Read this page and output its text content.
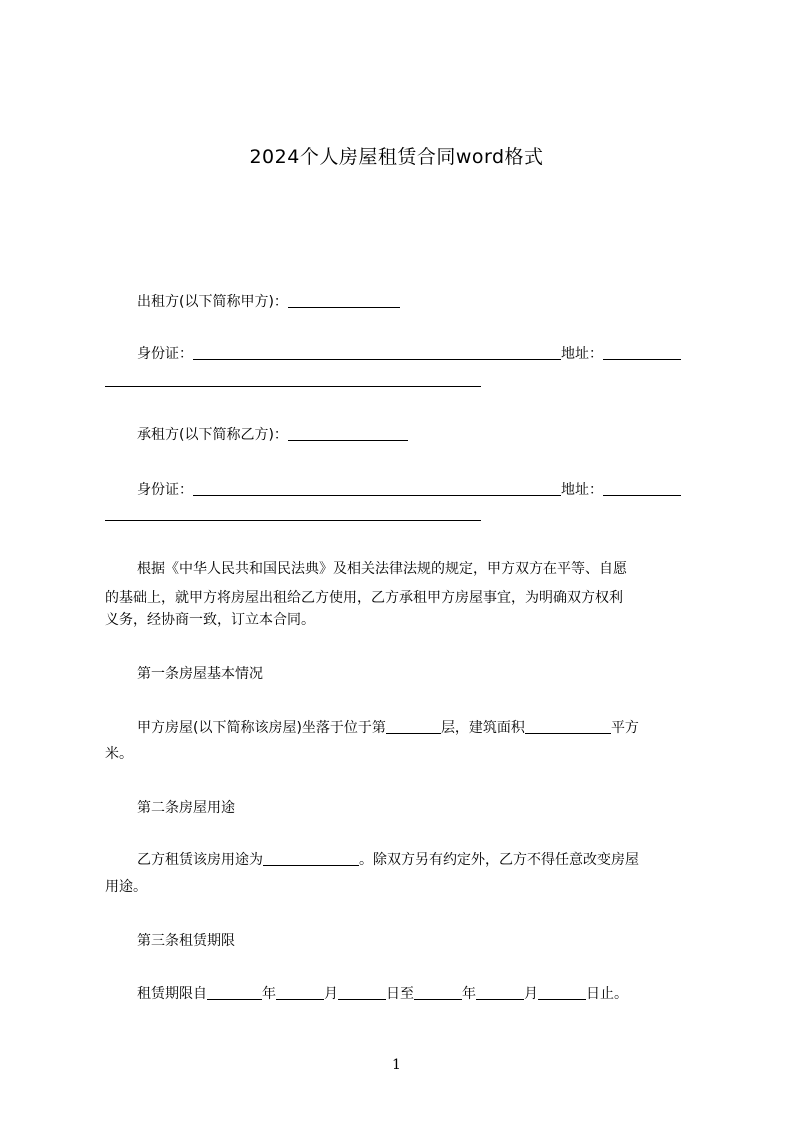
2024个人房屋租赁合同word格式
出租方(以下简称甲方)：
身份证：	地址：
承租方(以下简称乙方)：
身份证：	地址：
根据《中华人民共和国民法典》及相关法律法规的规定，甲方双方在平等、自愿
的基础上，就甲方将房屋出租给乙方使用，乙方承租甲方房屋事宜，为明确双方权利
义务，经协商一致，订立本合同。
第一条房屋基本情况
甲方房屋(以下简称该房屋)坐落于位于第	层，建筑面积	平方
米。
第二条房屋用途
乙方租赁该房用途为	。除双方另有约定外，乙方不得任意改变房屋
用途。
第三条租赁期限
租赁期限自	年	月	日至	年	月	日止。
1
